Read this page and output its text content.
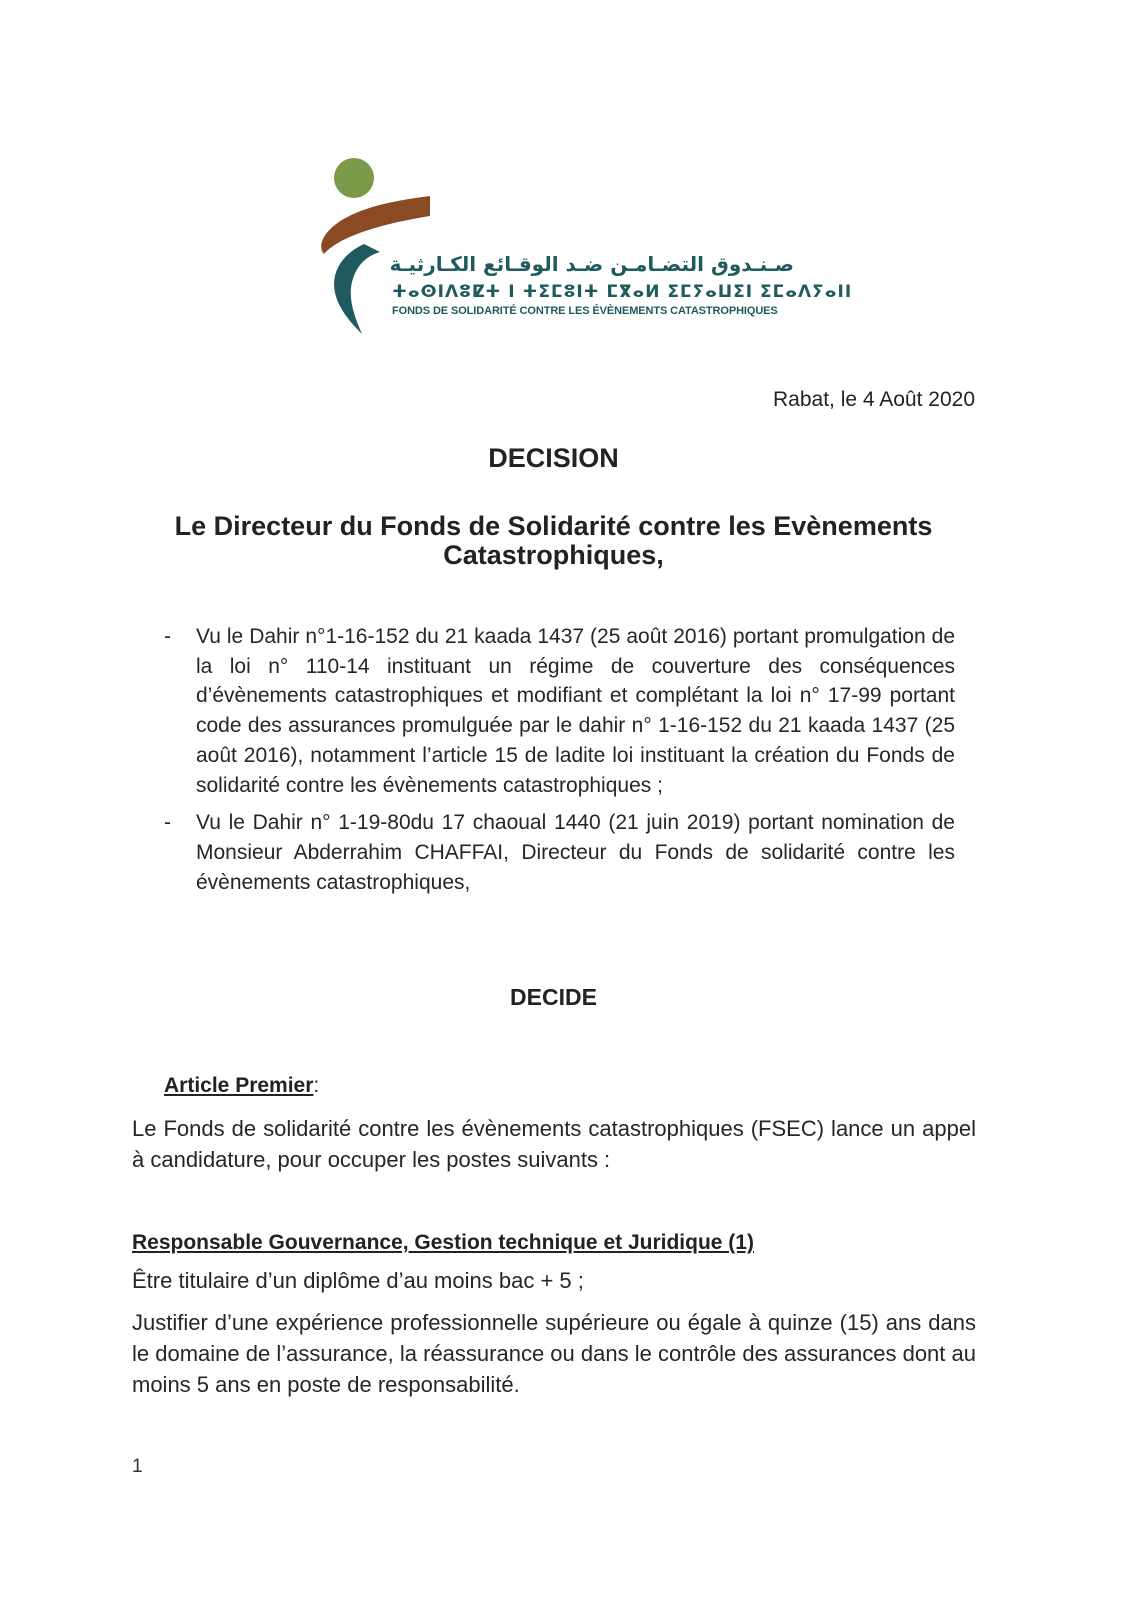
صـنـدوق التضـامـن ضـد الوقـائع الكـارثيـة
ⵜⴰⵙⵏⴷⵓⵇⵜ ⵏ ⵜⵉⵎⵓⵏⵜ ⵎⴳⴰⵍ ⵉⵎⵢⴰⵡⵉⵏ ⵉⵎⴰⴷⵢⴰⵏⵏ
FONDS DE SOLIDARITÉ CONTRE LES ÉVÈNEMENTS CATASTROPHIQUES
Rabat, le 4 Août 2020
DECISION
Le Directeur du Fonds de Solidarité contre les Evènements
Catastrophiques,
- Vu le Dahir n°1-16-152 du 21 kaada 1437 (25 août 2016) portant promulgation de la loi n° 110-14 instituant un régime de couverture des conséquences d’évènements catastrophiques et modifiant et complétant la loi n° 17-99 portant code des assurances promulguée par le dahir n° 1-16-152 du 21 kaada 1437 (25 août 2016), notamment l’article 15 de ladite loi instituant la création du Fonds de solidarité contre les évènements catastrophiques ;
- Vu le Dahir n° 1-19-80du 17 chaoual 1440 (21 juin 2019) portant nomination de Monsieur Abderrahim CHAFFAI, Directeur du Fonds de solidarité contre les évènements catastrophiques,
DECIDE
Article Premier:

Le Fonds de solidarité contre les évènements catastrophiques (FSEC) lance un appel à candidature, pour occuper les postes suivants :

Responsable Gouvernance, Gestion technique et Juridique (1)

Être titulaire d’un diplôme d’au moins bac + 5 ;

Justifier d’une expérience professionnelle supérieure ou égale à quinze (15) ans dans le domaine de l’assurance, la réassurance ou dans le contrôle des assurances dont au moins 5 ans en poste de responsabilité.

1
